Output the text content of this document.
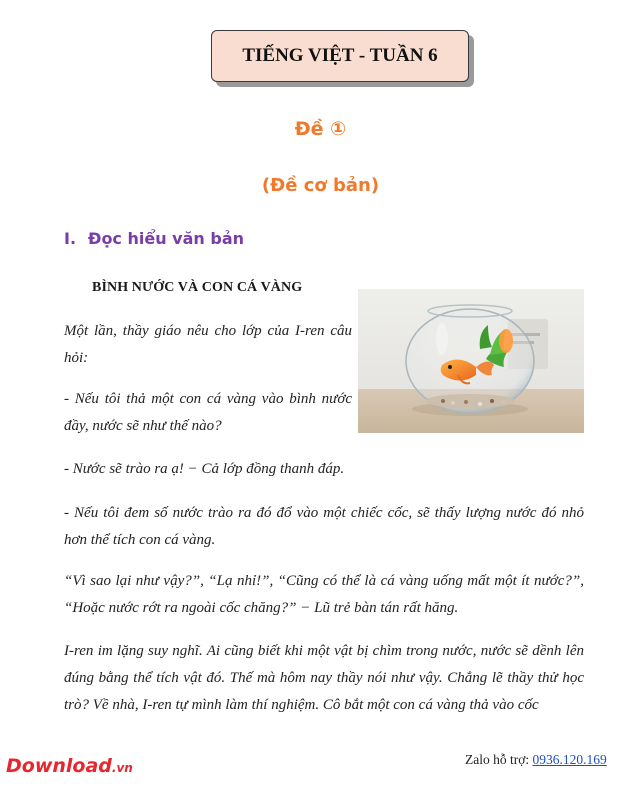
TIẾNG VIỆT - TUẦN 6
Đề ①
(Đề cơ bản)
I. Đọc hiểu văn bản
BÌNH NƯỚC VÀ CON CÁ VÀNG

Một lần, thầy giáo nêu cho lớp của I-ren câu hỏi:

- Nếu tôi thả một con cá vàng vào bình nước đầy, nước sẽ như thế nào?

- Nước sẽ trào ra ạ! − Cả lớp đồng thanh đáp.

- Nếu tôi đem số nước trào ra đó đổ vào một chiếc cốc, sẽ thấy lượng nước đó nhỏ hơn thể tích con cá vàng.

“Vì sao lại như vậy?”, “Lạ nhỉ!”, “Cũng có thể là cá vàng uống mất một ít nước?”, “Hoặc nước rớt ra ngoài cốc chăng?” − Lũ trẻ bàn tán rất hăng.

I-ren im lặng suy nghĩ. Ai cũng biết khi một vật bị chìm trong nước, nước sẽ dềnh lên đúng bằng thể tích vật đó. Thế mà hôm nay thầy nói như vậy. Chẳng lẽ thầy thử học trò? Về nhà, I-ren tự mình làm thí nghiệm. Cô bắt một con cá vàng thả vào cốc

Download.vn
Zalo hỗ trợ: 0936.120.169
